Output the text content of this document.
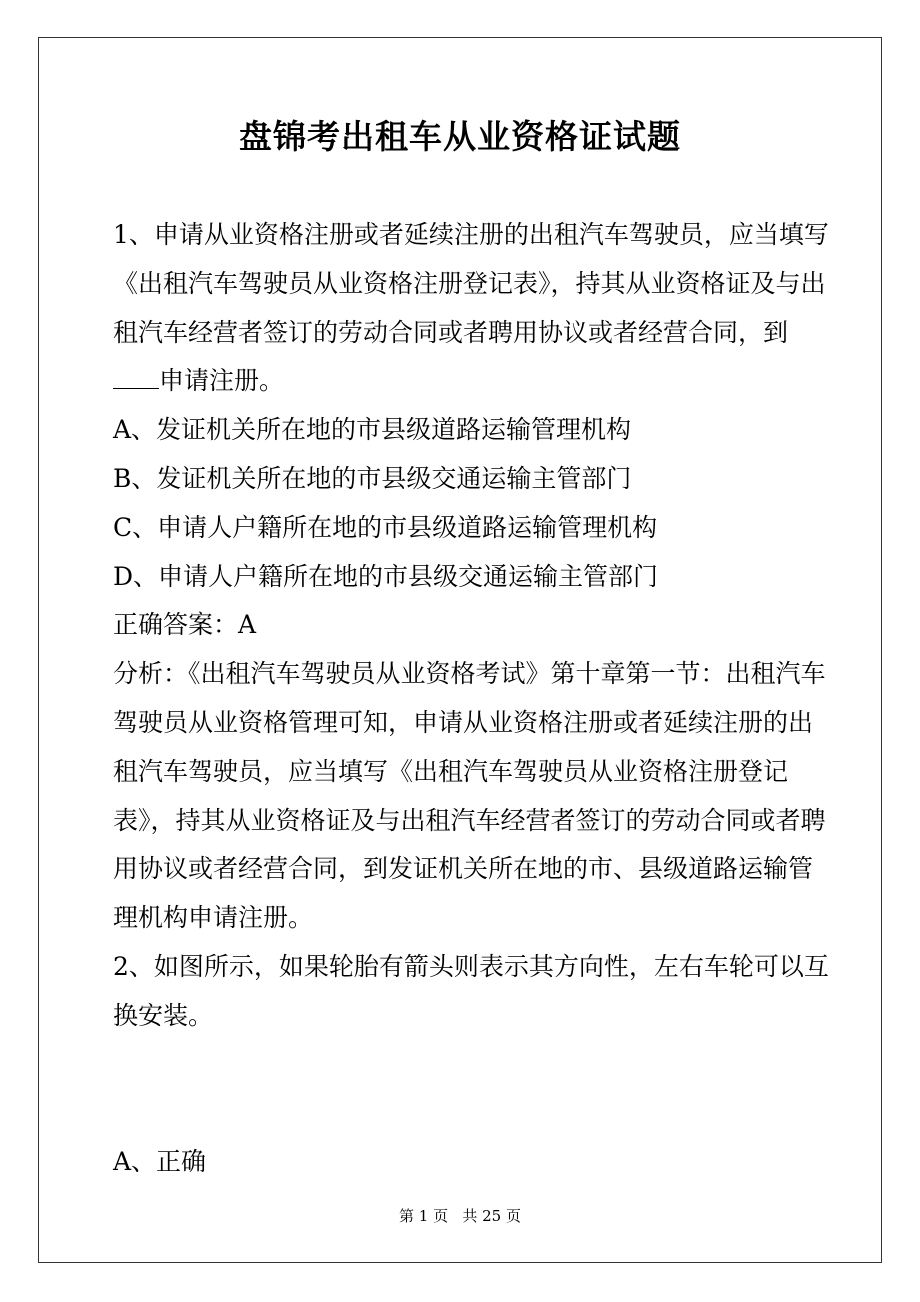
盘锦考出租车从业资格证试题
1、申请从业资格注册或者延续注册的出租汽车驾驶员，应当填写
《出租汽车驾驶员从业资格注册登记表》，持其从业资格证及与出
租汽车经营者签订的劳动合同或者聘用协议或者经营合同，到
申请注册。
A、发证机关所在地的市县级道路运输管理机构
B、发证机关所在地的市县级交通运输主管部门
C、申请人户籍所在地的市县级道路运输管理机构
D、申请人户籍所在地的市县级交通运输主管部门
正确答案：A
分析：《出租汽车驾驶员从业资格考试》第十章第一节：出租汽车
驾驶员从业资格管理可知，申请从业资格注册或者延续注册的出
租汽车驾驶员，应当填写《出租汽车驾驶员从业资格注册登记
表》，持其从业资格证及与出租汽车经营者签订的劳动合同或者聘
用协议或者经营合同，到发证机关所在地的市、县级道路运输管
理机构申请注册。
2、如图所示，如果轮胎有箭头则表示其方向性，左右车轮可以互
换安装。
A、正确
第 1 页   共 25 页
